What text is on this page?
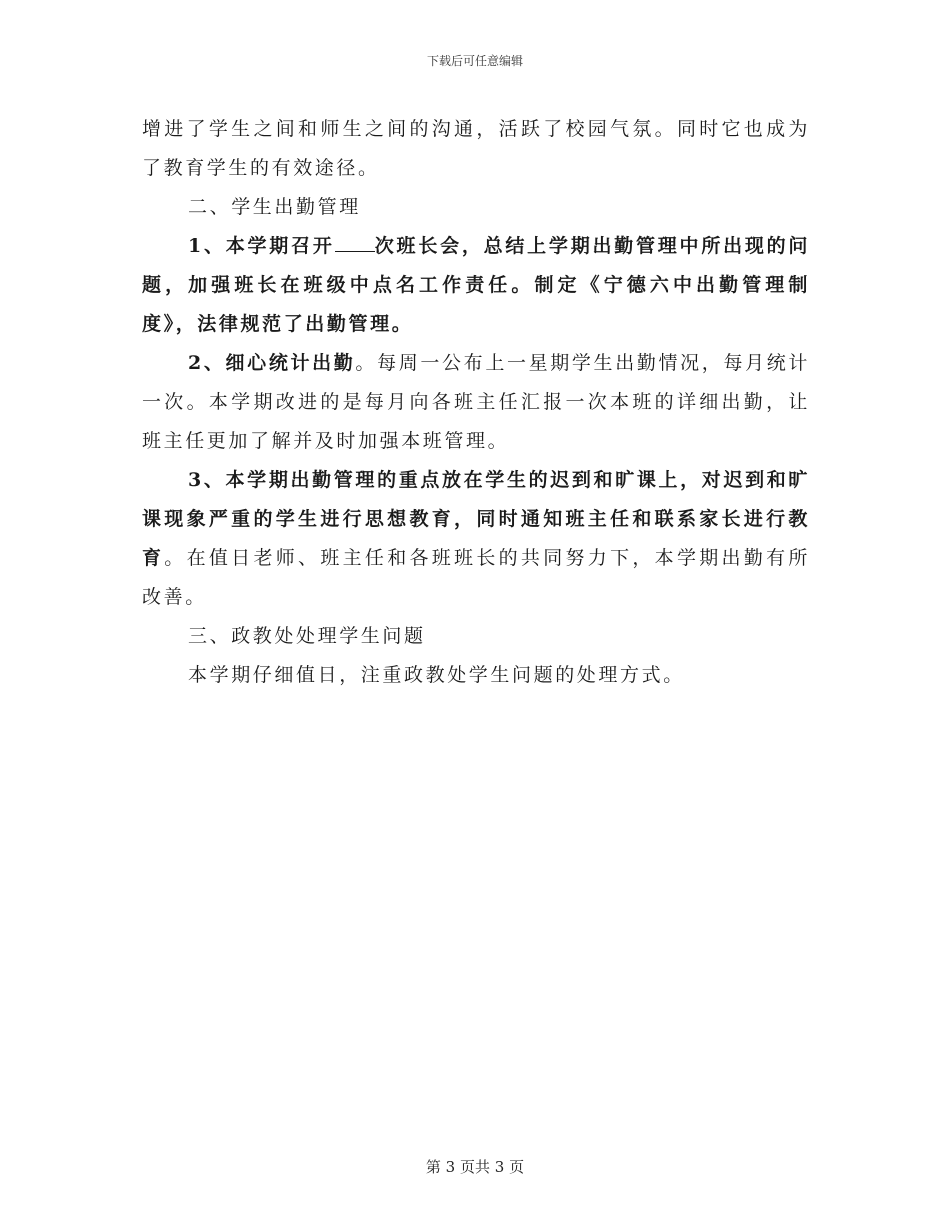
下载后可任意编辑

增进了学生之间和师生之间的沟通，活跃了校园气氛。同时它也成为了教育学生的有效途径。

二、学生出勤管理

1、本学期召开 次班长会，总结上学期出勤管理中所出现的问题，加强班长在班级中点名工作责任。制定《宁德六中出勤管理制度》，法律规范了出勤管理。

2、细心统计出勤。每周一公布上一星期学生出勤情况，每月统计一次。本学期改进的是每月向各班主任汇报一次本班的详细出勤，让班主任更加了解并及时加强本班管理。

3、本学期出勤管理的重点放在学生的迟到和旷课上，对迟到和旷课现象严重的学生进行思想教育，同时通知班主任和联系家长进行教育。在值日老师、班主任和各班班长的共同努力下，本学期出勤有所改善。

三、政教处处理学生问题

本学期仔细值日，注重政教处学生问题的处理方式。

第 3 页共 3 页
